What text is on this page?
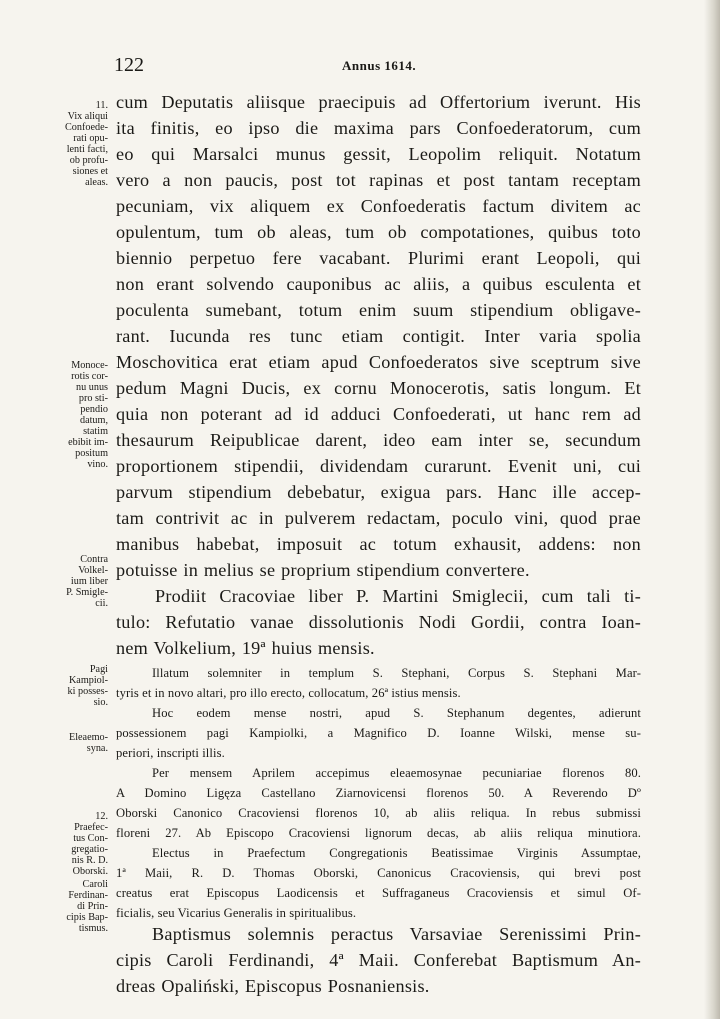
122	Annus 1614.
11.
Vix aliqui
Confoede-
rati opu-
lenti facti,
ob profu-
siones et
aleas.
Monoce-
rotis cor-
nu unus
pro sti-
pendio
datum,
statim
ebibit im-
positum
vino.
Contra
Volkel-
ium liber
P. Smigle-
cii.
Pagi
Kampiol-
ki posses-
sio.
Eleaemo-
syna.
12.
Praefec-
tus Con-
gregatio-
nis R. D.
Oborski.
Caroli
Ferdinan-
di Prin-
cipis Bap-
tismus.
cum Deputatis aliisque praecipuis ad Offertorium iverunt. His
ita finitis, eo ipso die maxima pars Confoederatorum, cum
eo qui Marsalci munus gessit, Leopolim reliquit. Notatum
vero a non paucis, post tot rapinas et post tantam receptam
pecuniam, vix aliquem ex Confoederatis factum divitem ac
opulentum, tum ob aleas, tum ob compotationes, quibus toto
biennio perpetuo fere vacabant. Plurimi erant Leopoli, qui
non erant solvendo cauponibus ac aliis, a quibus esculenta et
poculenta sumebant, totum enim suum stipendium obligave-
rant. Iucunda res tunc etiam contigit. Inter varia spolia
Moschovitica erat etiam apud Confoederatos sive sceptrum sive
pedum Magni Ducis, ex cornu Monocerotis, satis longum. Et
quia non poterant ad id adduci Confoederati, ut hanc rem ad
thesaurum Reipublicae darent, ideo eam inter se, secundum
proportionem stipendii, dividendam curarunt. Evenit uni, cui
parvum stipendium debebatur, exigua pars. Hanc ille accep-
tam contrivit ac in pulverem redactam, poculo vini, quod prae
manibus habebat, imposuit ac totum exhausit, addens: non
potuisse in melius se proprium stipendium convertere.
Prodiit Cracoviae liber P. Martini Smiglecii, cum tali ti-
tulo: Refutatio vanae dissolutionis Nodi Gordii, contra Ioan-
nem Volkelium, 19ª huius mensis.
Illatum solemniter in templum S. Stephani, Corpus S. Stephani Mar-
tyris et in novo altari, pro illo erecto, collocatum, 26ª istius mensis.
Hoc eodem mense nostri, apud S. Stephanum degentes, adierunt
possessionem pagi Kampiolki, a Magnifico D. Ioanne Wilski, mense su-
periori, inscripti illis.
Per mensem Aprilem accepimus eleaemosynae pecuniariae florenos 80.
A Domino Ligęza Castellano Ziarnovicensi florenos 50. A Reverendo Dº
Oborski Canonico Cracoviensi florenos 10, ab aliis reliqua. In rebus submissi
floreni 27. Ab Episcopo Cracoviensi lignorum decas, ab aliis reliqua minutiora.
Electus in Praefectum Congregationis Beatissimae Virginis Assumptae,
1ª Maii, R. D. Thomas Oborski, Canonicus Cracoviensis, qui brevi post
creatus erat Episcopus Laodicensis et Suffraganeus Cracoviensis et simul Of-
ficialis, seu Vicarius Generalis in spiritualibus.
Baptismus solemnis peractus Varsaviae Serenissimi Prin-
cipis Caroli Ferdinandi, 4ª Maii. Conferebat Baptismum An-
dreas Opaliński, Episcopus Posnaniensis.
